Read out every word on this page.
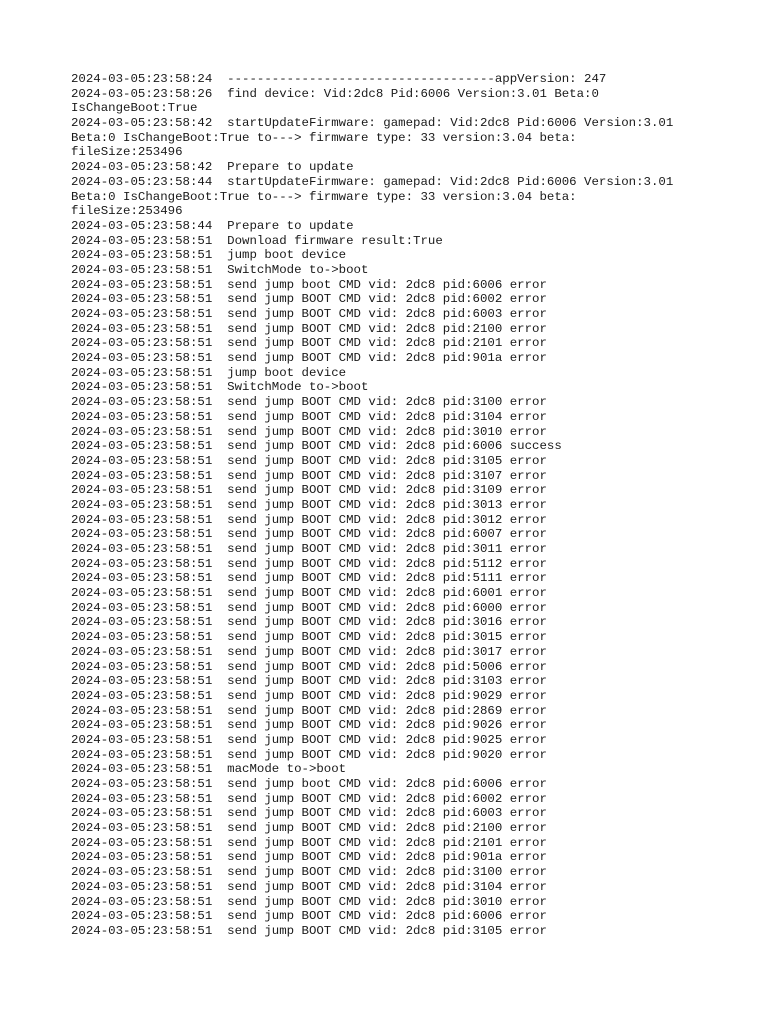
2024-03-05:23:58:24  ------------------------------------appVersion: 247
2024-03-05:23:58:26  find device: Vid:2dc8 Pid:6006 Version:3.01 Beta:0
IsChangeBoot:True
2024-03-05:23:58:42  startUpdateFirmware: gamepad: Vid:2dc8 Pid:6006 Version:3.01
Beta:0 IsChangeBoot:True to---> firmware type: 33 version:3.04 beta:
fileSize:253496
2024-03-05:23:58:42  Prepare to update
2024-03-05:23:58:44  startUpdateFirmware: gamepad: Vid:2dc8 Pid:6006 Version:3.01
Beta:0 IsChangeBoot:True to---> firmware type: 33 version:3.04 beta:
fileSize:253496
2024-03-05:23:58:44  Prepare to update
2024-03-05:23:58:51  Download firmware result:True
2024-03-05:23:58:51  jump boot device
2024-03-05:23:58:51  SwitchMode to->boot
2024-03-05:23:58:51  send jump boot CMD vid: 2dc8 pid:6006 error
2024-03-05:23:58:51  send jump BOOT CMD vid: 2dc8 pid:6002 error
2024-03-05:23:58:51  send jump BOOT CMD vid: 2dc8 pid:6003 error
2024-03-05:23:58:51  send jump BOOT CMD vid: 2dc8 pid:2100 error
2024-03-05:23:58:51  send jump BOOT CMD vid: 2dc8 pid:2101 error
2024-03-05:23:58:51  send jump BOOT CMD vid: 2dc8 pid:901a error
2024-03-05:23:58:51  jump boot device
2024-03-05:23:58:51  SwitchMode to->boot
2024-03-05:23:58:51  send jump BOOT CMD vid: 2dc8 pid:3100 error
2024-03-05:23:58:51  send jump BOOT CMD vid: 2dc8 pid:3104 error
2024-03-05:23:58:51  send jump BOOT CMD vid: 2dc8 pid:3010 error
2024-03-05:23:58:51  send jump BOOT CMD vid: 2dc8 pid:6006 success
2024-03-05:23:58:51  send jump BOOT CMD vid: 2dc8 pid:3105 error
2024-03-05:23:58:51  send jump BOOT CMD vid: 2dc8 pid:3107 error
2024-03-05:23:58:51  send jump BOOT CMD vid: 2dc8 pid:3109 error
2024-03-05:23:58:51  send jump BOOT CMD vid: 2dc8 pid:3013 error
2024-03-05:23:58:51  send jump BOOT CMD vid: 2dc8 pid:3012 error
2024-03-05:23:58:51  send jump BOOT CMD vid: 2dc8 pid:6007 error
2024-03-05:23:58:51  send jump BOOT CMD vid: 2dc8 pid:3011 error
2024-03-05:23:58:51  send jump BOOT CMD vid: 2dc8 pid:5112 error
2024-03-05:23:58:51  send jump BOOT CMD vid: 2dc8 pid:5111 error
2024-03-05:23:58:51  send jump BOOT CMD vid: 2dc8 pid:6001 error
2024-03-05:23:58:51  send jump BOOT CMD vid: 2dc8 pid:6000 error
2024-03-05:23:58:51  send jump BOOT CMD vid: 2dc8 pid:3016 error
2024-03-05:23:58:51  send jump BOOT CMD vid: 2dc8 pid:3015 error
2024-03-05:23:58:51  send jump BOOT CMD vid: 2dc8 pid:3017 error
2024-03-05:23:58:51  send jump BOOT CMD vid: 2dc8 pid:5006 error
2024-03-05:23:58:51  send jump BOOT CMD vid: 2dc8 pid:3103 error
2024-03-05:23:58:51  send jump BOOT CMD vid: 2dc8 pid:9029 error
2024-03-05:23:58:51  send jump BOOT CMD vid: 2dc8 pid:2869 error
2024-03-05:23:58:51  send jump BOOT CMD vid: 2dc8 pid:9026 error
2024-03-05:23:58:51  send jump BOOT CMD vid: 2dc8 pid:9025 error
2024-03-05:23:58:51  send jump BOOT CMD vid: 2dc8 pid:9020 error
2024-03-05:23:58:51  macMode to->boot
2024-03-05:23:58:51  send jump boot CMD vid: 2dc8 pid:6006 error
2024-03-05:23:58:51  send jump BOOT CMD vid: 2dc8 pid:6002 error
2024-03-05:23:58:51  send jump BOOT CMD vid: 2dc8 pid:6003 error
2024-03-05:23:58:51  send jump BOOT CMD vid: 2dc8 pid:2100 error
2024-03-05:23:58:51  send jump BOOT CMD vid: 2dc8 pid:2101 error
2024-03-05:23:58:51  send jump BOOT CMD vid: 2dc8 pid:901a error
2024-03-05:23:58:51  send jump BOOT CMD vid: 2dc8 pid:3100 error
2024-03-05:23:58:51  send jump BOOT CMD vid: 2dc8 pid:3104 error
2024-03-05:23:58:51  send jump BOOT CMD vid: 2dc8 pid:3010 error
2024-03-05:23:58:51  send jump BOOT CMD vid: 2dc8 pid:6006 error
2024-03-05:23:58:51  send jump BOOT CMD vid: 2dc8 pid:3105 error
